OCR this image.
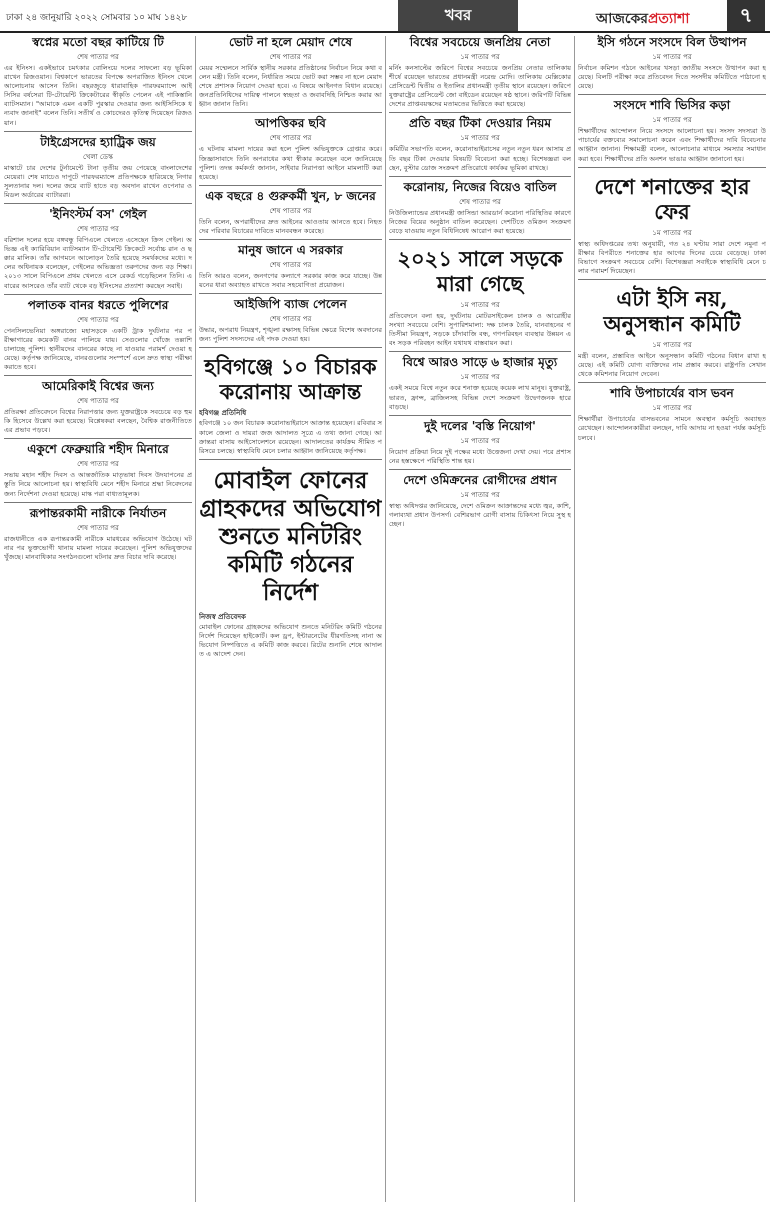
ঢাকা ২৪ জানুয়ারি ২০২২ সোমবার ১০ মাঘ ১৪২৮	খবর	আজকেরপ্রত্যাশা	৭
স্বপ্নের মতো বছর কাটিয়ে টি
শেষ পাতার পর
এর ইনিংস। একইভাবে চমৎকার বোলিংয়ে দলের সাফল্যে বড় ভূমিকা রাখেন রিজওয়ান। বিশ্বকাপে ভারতের বিপক্ষে অপরাজিত ইনিংস খেলে আলোচনায় আসেন তিনি। বছরজুড়ে ধারাবাহিক পারফরম্যান্সে আইসিসির বর্ষসেরা টি-টোয়েন্টি ক্রিকেটারের স্বীকৃতি পেলেন এই পাকিস্তানি ব্যাটসম্যান। "আমাকে এমন একটি পুরস্কার দেওয়ার জন্য আইসিসিকে ধন্যবাদ জানাই" বলেন তিনি। সতীর্থ ও কোচদেরও কৃতিত্ব দিয়েছেন রিজওয়ান।
টাইগ্রেসদের হ্যাট্রিক জয়
খেলা ডেস্ক
মাস্কাটে চার দেশের টুর্নামেন্টে টানা তৃতীয় জয় পেয়েছে বাংলাদেশের মেয়েরা। শেষ ম্যাচেও দাপুটে পারফরম্যান্সে প্রতিপক্ষকে হারিয়েছে নিগার সুলতানার দল। দলের জয়ে ব্যাট হাতে বড় অবদান রাখেন ওপেনার ও মিডল অর্ডারের ব্যাটাররা।
'ইনিংস্টর্ম বস' গেইল
শেষ পাতার পর
বরিশাল দলের হয়ে বঙ্গবন্ধু বিপিএলে খেলতে এসেছেন ক্রিস গেইল। অভিজ্ঞ এই ক্যারিবিয়ান ব্যাটসম্যান টি-টোয়েন্টি ক্রিকেটে সর্বোচ্চ রান ও ছক্কার মালিক। তাঁর আগমনে আলোড়ন তৈরি হয়েছে সমর্থকদের মধ্যে। দলের অধিনায়ক বলেছেন, গেইলের অভিজ্ঞতা তরুণদের জন্য বড় শিক্ষা। ২০১৩ সালে বিপিএলে প্রথম খেলতে এসে রেকর্ড গড়েছিলেন তিনি। এবারের আসরেও তাঁর ব্যাট থেকে বড় ইনিংসের প্রত্যাশা করছেন সবাই।
পলাতক বানর ধরতে পুলিশের
শেষ পাতার পর
পেনসিলভেনিয়া অঙ্গরাজ্যে মহাসড়কে একটি ট্রাক দুর্ঘটনার পর পরীক্ষাগারের কয়েকটি বানর পালিয়ে যায়। সেগুলোর খোঁজে তল্লাশি চালাচ্ছে পুলিশ। স্থানীয়দের বানরের কাছে না যাওয়ার পরামর্শ দেওয়া হয়েছে। কর্তৃপক্ষ জানিয়েছে, বানরগুলোর সংস্পর্শে এলে দ্রুত স্বাস্থ্য পরীক্ষা করাতে হবে।
আমেরিকাই বিশ্বের জন্য
শেষ পাতার পর
প্রতিরক্ষা প্রতিবেদনে বিশ্বের নিরাপত্তার জন্য যুক্তরাষ্ট্রকে সবচেয়ে বড় হুমকি হিসেবে উল্লেখ করা হয়েছে। বিশ্লেষকরা বলছেন, বৈশ্বিক রাজনীতিতে এর প্রভাব পড়বে।
একুশে ফেব্রুয়ারি শহীদ মিনারে
শেষ পাতার পর
সভায় মহান শহীদ দিবস ও আন্তর্জাতিক মাতৃভাষা দিবস উদযাপনের প্রস্তুতি নিয়ে আলোচনা হয়। স্বাস্থ্যবিধি মেনে শহীদ মিনারে শ্রদ্ধা নিবেদনের জন্য নির্দেশনা দেওয়া হয়েছে। মাস্ক পরা বাধ্যতামূলক।
রূপান্তরকামী নারীকে নির্যাতন
শেষ পাতার পর
রাজধানীতে এক রূপান্তরকামী নারীকে মারধরের অভিযোগ উঠেছে। ঘটনার পর ভুক্তভোগী থানায় মামলা দায়ের করেছেন। পুলিশ অভিযুক্তদের খুঁজছে। মানবাধিকার সংগঠনগুলো ঘটনার দ্রুত বিচার দাবি করেছে।
ভোট না হলে মেয়াদ শেষে
শেষ পাতার পর
মেয়র সম্মেলনে সার্বিক স্থানীয় সরকার প্রতিষ্ঠানের নির্বাচন নিয়ে কথা বলেন মন্ত্রী। তিনি বলেন, নির্ধারিত সময়ে ভোট করা সম্ভব না হলে মেয়াদ শেষে প্রশাসক নিয়োগ দেওয়া হবে। এ বিষয়ে আইনগত বিধান রয়েছে। জনপ্রতিনিধিদের দায়িত্ব পালনে স্বচ্ছতা ও জবাবদিহি নিশ্চিত করার আহ্বান জানান তিনি।
আপত্তিকর ছবি
শেষ পাতার পর
এ ঘটনায় মামলা দায়ের করা হলে পুলিশ অভিযুক্তকে গ্রেপ্তার করে। জিজ্ঞাসাবাদে তিনি অপরাধের কথা স্বীকার করেছেন বলে জানিয়েছে পুলিশ। তদন্ত কর্মকর্তা জানান, সাইবার নিরাপত্তা আইনে মামলাটি করা হয়েছে।
এক বছরে ৪ গুরুকর্মী খুন, ৮ জনের
শেষ পাতার পর
তিনি বলেন, অপরাধীদের দ্রুত আইনের আওতায় আনতে হবে। নিহতদের পরিবার বিচারের দাবিতে মানববন্ধন করেছে।
মানুষ জানে এ সরকার
শেষ পাতার পর
তিনি আরও বলেন, জনগণের কল্যাণে সরকার কাজ করে যাচ্ছে। উন্নয়নের ধারা অব্যাহত রাখতে সবার সহযোগিতা প্রয়োজন।
আইজিপি ব্যাজ পেলেন
শেষ পাতার পর
উদ্ধার, অপরাধ নিয়ন্ত্রণ, শৃঙ্খলা রক্ষাসহ বিভিন্ন ক্ষেত্রে বিশেষ অবদানের জন্য পুলিশ সদস্যদের এই পদক দেওয়া হয়।
হবিগঞ্জে ১০ বিচারক করোনায় আক্রান্ত
হবিগঞ্জ প্রতিনিধি
হবিগঞ্জে ১০ জন বিচারক করোনাভাইরাসে আক্রান্ত হয়েছেন। রবিবার সকালে জেলা ও দায়রা জজ আদালত সূত্রে এ তথ্য জানা গেছে। আক্রান্তরা বাসায় আইসোলেশনে রয়েছেন। আদালতের কার্যক্রম সীমিত পরিসরে চলছে। স্বাস্থ্যবিধি মেনে চলার আহ্বান জানিয়েছে কর্তৃপক্ষ।
মোবাইল ফোনের গ্রাহকদের অভিযোগ শুনতে মনিটরিং কমিটি গঠনের নির্দেশ
নিজস্ব প্রতিবেদক
মোবাইল ফোনের গ্রাহকদের অভিযোগ শুনতে মনিটরিং কমিটি গঠনের নির্দেশ দিয়েছেন হাইকোর্ট। কল ড্রপ, ইন্টারনেটের ধীরগতিসহ নানা অভিযোগ নিষ্পত্তিতে এ কমিটি কাজ করবে। রিটের শুনানি শেষে আদালত এ আদেশ দেন।
বিশ্বের সবচেয়ে জনপ্রিয় নেতা
১ম পাতার পর
মর্নিং কনসাল্টের জরিপে বিশ্বের সবচেয়ে জনপ্রিয় নেতার তালিকায় শীর্ষে রয়েছেন ভারতের প্রধানমন্ত্রী নরেন্দ্র মোদি। তালিকায় মেক্সিকোর প্রেসিডেন্ট দ্বিতীয় ও ইতালির প্রধানমন্ত্রী তৃতীয় স্থানে রয়েছেন। জরিপে যুক্তরাষ্ট্রের প্রেসিডেন্ট জো বাইডেন রয়েছেন ষষ্ঠ স্থানে। জরিপটি বিভিন্ন দেশের প্রাপ্তবয়স্কদের মতামতের ভিত্তিতে করা হয়েছে।
প্রতি বছর টিকা দেওয়ার নিয়ম
১ম পাতার পর
কমিটির সভাপতি বলেন, করোনাভাইরাসের নতুন নতুন ধরন আসায় প্রতি বছর টিকা দেওয়ার বিষয়টি বিবেচনা করা হচ্ছে। বিশেষজ্ঞরা বলছেন, বুস্টার ডোজ সংক্রমণ প্রতিরোধে কার্যকর ভূমিকা রাখছে।
করোনায়, নিজের বিয়েও বাতিল
শেষ পাতার পর
নিউজিল্যান্ডের প্রধানমন্ত্রী জাসিন্ডা আরডার্ন করোনা পরিস্থিতির কারণে নিজের বিয়ের অনুষ্ঠান বাতিল করেছেন। দেশটিতে ওমিক্রন সংক্রমণ বেড়ে যাওয়ায় নতুন বিধিনিষেধ আরোপ করা হয়েছে।
২০২১ সালে সড়কে মারা গেছে
১ম পাতার পর
প্রতিবেদনে বলা হয়, দুর্ঘটনায় মোটরসাইকেল চালক ও আরোহীর সংখ্যা সবচেয়ে বেশি। সুপারিশমালা: দক্ষ চালক তৈরি, যানবাহনের গতিসীমা নিয়ন্ত্রণ, সড়কে চাঁদাবাজি বন্ধ, গণপরিবহন ব্যবস্থার উন্নয়ন এবং সড়ক পরিবহন আইন যথাযথ বাস্তবায়ন করা।
বিশ্বে আরও সাড়ে ৬ হাজার মৃত্যু
১ম পাতার পর
একই সময়ে বিশ্বে নতুন করে শনাক্ত হয়েছে কয়েক লাখ মানুষ। যুক্তরাষ্ট্র, ভারত, ফ্রান্স, ব্রাজিলসহ বিভিন্ন দেশে সংক্রমণ উদ্বেগজনক হারে বাড়ছে।
দুই দলের 'বস্তি নিয়োগ'
১ম পাতার পর
নিয়োগ প্রক্রিয়া নিয়ে দুই পক্ষের মধ্যে উত্তেজনা দেখা দেয়। পরে প্রশাসনের হস্তক্ষেপে পরিস্থিতি শান্ত হয়।
দেশে ওমিক্রনের রোগীদের প্রধান
১ম পাতার পর
স্বাস্থ্য অধিদপ্তর জানিয়েছে, দেশে ওমিক্রন আক্রান্তদের মধ্যে জ্বর, কাশি, গলাব্যথা প্রধান উপসর্গ। বেশিরভাগ রোগী বাসায় চিকিৎসা নিয়ে সুস্থ হচ্ছেন।
ইসি গঠনে সংসদে বিল উত্থাপন
১ম পাতার পর
নির্বাচন কমিশন গঠনে আইনের খসড়া জাতীয় সংসদে উত্থাপন করা হয়েছে। বিলটি পরীক্ষা করে প্রতিবেদন দিতে সংসদীয় কমিটিতে পাঠানো হয়েছে।
সংসদে শাবি ভিসির কড়া
১ম পাতার পর
শিক্ষার্থীদের আন্দোলন নিয়ে সংসদে আলোচনা হয়। সংসদ সদস্যরা উপাচার্যের বক্তব্যের সমালোচনা করেন এবং শিক্ষার্থীদের দাবি বিবেচনার আহ্বান জানান। শিক্ষামন্ত্রী বলেন, আলোচনার মাধ্যমে সমস্যার সমাধান করা হবে। শিক্ষার্থীদের প্রতি অনশন ভাঙার আহ্বান জানানো হয়।
দেশে শনাক্তের হার ফের
১ম পাতার পর
স্বাস্থ্য অধিদপ্তরের তথ্য অনুযায়ী, গত ২৪ ঘণ্টায় সারা দেশে নমুনা পরীক্ষার বিপরীতে শনাক্তের হার আগের দিনের চেয়ে বেড়েছে। ঢাকা বিভাগে সংক্রমণ সবচেয়ে বেশি। বিশেষজ্ঞরা সবাইকে স্বাস্থ্যবিধি মেনে চলার পরামর্শ দিয়েছেন।
এটা ইসি নয়, অনুসন্ধান কমিটি
১ম পাতার পর
মন্ত্রী বলেন, প্রস্তাবিত আইনে অনুসন্ধান কমিটি গঠনের বিধান রাখা হয়েছে। এই কমিটি যোগ্য ব্যক্তিদের নাম প্রস্তাব করবে। রাষ্ট্রপতি সেখান থেকে কমিশনার নিয়োগ দেবেন।
শাবি উপাচার্যের বাস ভবন
১ম পাতার পর
শিক্ষার্থীরা উপাচার্যের বাসভবনের সামনে অবস্থান কর্মসূচি অব্যাহত রেখেছেন। আন্দোলনকারীরা বলছেন, দাবি আদায় না হওয়া পর্যন্ত কর্মসূচি চলবে।
